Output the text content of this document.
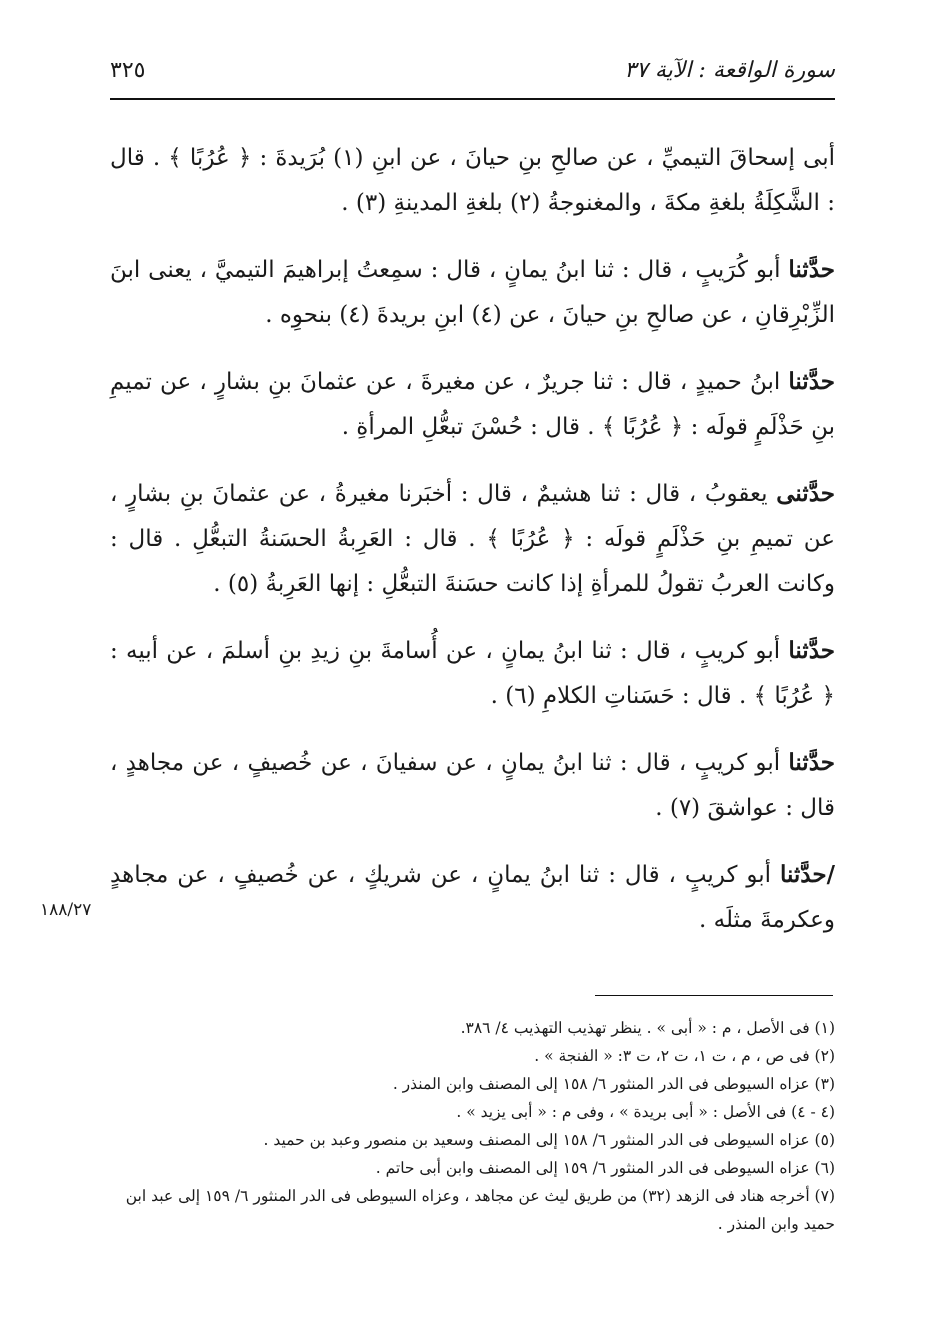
٣٢٥	سورة الواقعة : الآية ٣٧

أبى إسحاقَ التيميِّ ، عن صالحِ بنِ حيانَ ، عن ابنِ (١) بُرَيدةَ : ﴿ عُرُبًا ﴾ . قال : الشَّكِلَةُ بلغةِ مكةَ ، والمغنوجةُ (٢) بلغةِ المدينةِ (٣) .

حدَّثنا أبو كُرَيبٍ ، قال : ثنا ابنُ يمانٍ ، قال : سمِعتُ إبراهيمَ التيميَّ ، يعنى ابنَ الزِّبْرِقانِ ، عن صالحِ بنِ حيانَ ، عن (٤) ابنِ بريدةَ (٤) بنحوِه .

حدَّثنا ابنُ حميدٍ ، قال : ثنا جريرٌ ، عن مغيرةَ ، عن عثمانَ بنِ بشارٍ ، عن تميمِ بنِ حَذْلَمٍ قولَه : ﴿ عُرُبًا ﴾ . قال : حُسْنَ تبعُّلِ المرأةِ .

حدَّثنى يعقوبُ ، قال : ثنا هشيمٌ ، قال : أخبَرنا مغيرةُ ، عن عثمانَ بنِ بشارٍ ، عن تميمِ بنِ حَذْلَمٍ قولَه : ﴿ عُرُبًا ﴾ . قال : العَرِبةُ الحسَنةُ التبعُّلِ . قال : وكانت العربُ تقولُ للمرأةِ إذا كانت حسَنةَ التبعُّلِ : إنها العَرِبةُ (٥) .

حدَّثنا أبو كريبٍ ، قال : ثنا ابنُ يمانٍ ، عن أُسامةَ بنِ زيدِ بنِ أسلمَ ، عن أبيه : ﴿ عُرُبًا ﴾ . قال : حَسَناتِ الكلامِ (٦) .

حدَّثنا أبو كريبٍ ، قال : ثنا ابنُ يمانٍ ، عن سفيانَ ، عن خُصيفٍ ، عن مجاهدٍ ، قال : عواشقَ (٧) .

/حدَّثنا أبو كريبٍ ، قال : ثنا ابنُ يمانٍ ، عن شريكٍ ، عن خُصيفٍ ، عن مجاهدٍ وعكرمةَ مثلَه .

١٨٨/٢٧

(١) فى الأصل ، م : « أبى » . ينظر تهذيب التهذيب ٤/ ٣٨٦.

(٢) فى ص ، م ، ت ١، ت ٢، ت ٣: « الفنجة » .

(٣) عزاه السيوطى فى الدر المنثور ٦/ ١٥٨ إلى المصنف وابن المنذر .

(٤ - ٤) فى الأصل : « أبى بريدة » ، وفى م : « أبى يزيد » .

(٥) عزاه السيوطى فى الدر المنثور ٦/ ١٥٨ إلى المصنف وسعيد بن منصور وعبد بن حميد .

(٦) عزاه السيوطى فى الدر المنثور ٦/ ١٥٩ إلى المصنف وابن أبى حاتم .

(٧) أخرجه هناد فى الزهد (٣٢) من طريق ليث عن مجاهد ، وعزاه السيوطى فى الدر المنثور ٦/ ١٥٩ إلى عبد ابن حميد وابن المنذر .
